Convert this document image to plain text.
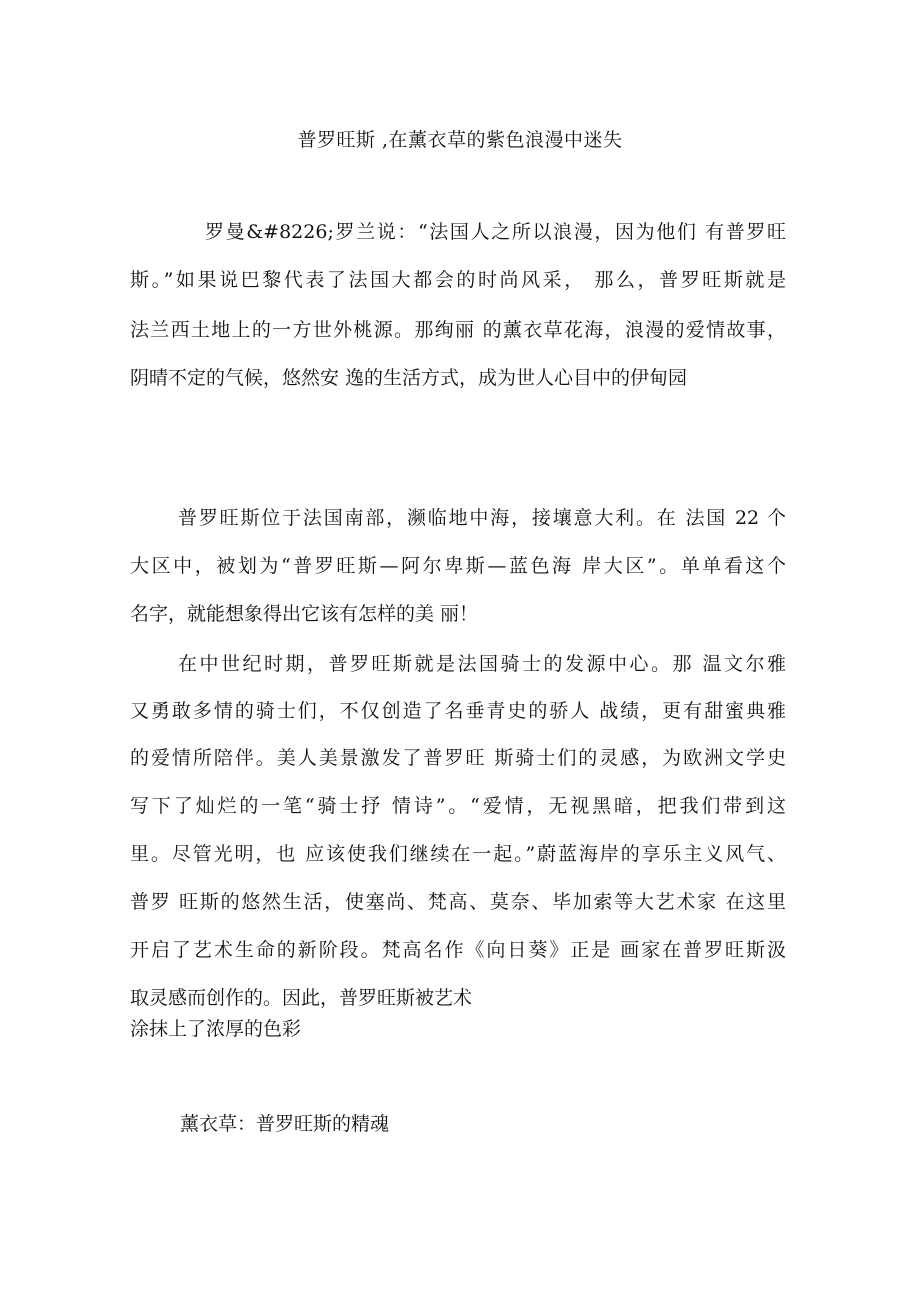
普罗旺斯 ,在薰衣草的紫色浪漫中迷失
罗曼&#8226;罗兰说：“法国人之所以浪漫，因为他们 有普罗旺
斯。”如果说巴黎代表了法国大都会的时尚风采， 那么，普罗旺斯就是
法兰西土地上的一方世外桃源。那绚丽 的薰衣草花海，浪漫的爱情故事，
阴晴不定的气候，悠然安 逸的生活方式，成为世人心目中的伊甸园
普罗旺斯位于法国南部，濒临地中海，接壤意大利。在 法国 22 个
大区中，被划为“普罗旺斯—阿尔卑斯—蓝色海 岸大区”。单单看这个
名字，就能想象得出它该有怎样的美 丽！
在中世纪时期，普罗旺斯就是法国骑士的发源中心。那 温文尔雅
又勇敢多情的骑士们，不仅创造了名垂青史的骄人 战绩，更有甜蜜典雅
的爱情所陪伴。美人美景激发了普罗旺 斯骑士们的灵感，为欧洲文学史
写下了灿烂的一笔“骑士抒 情诗”。“爱情，无视黑暗，把我们带到这
里。尽管光明，也 应该使我们继续在一起。”蔚蓝海岸的享乐主义风气、
普罗 旺斯的悠然生活，使塞尚、梵高、莫奈、毕加索等大艺术家 在这里
开启了艺术生命的新阶段。梵高名作《向日葵》正是 画家在普罗旺斯汲
取灵感而创作的。因此，普罗旺斯被艺术
涂抹上了浓厚的色彩
薰衣草：普罗旺斯的精魂
